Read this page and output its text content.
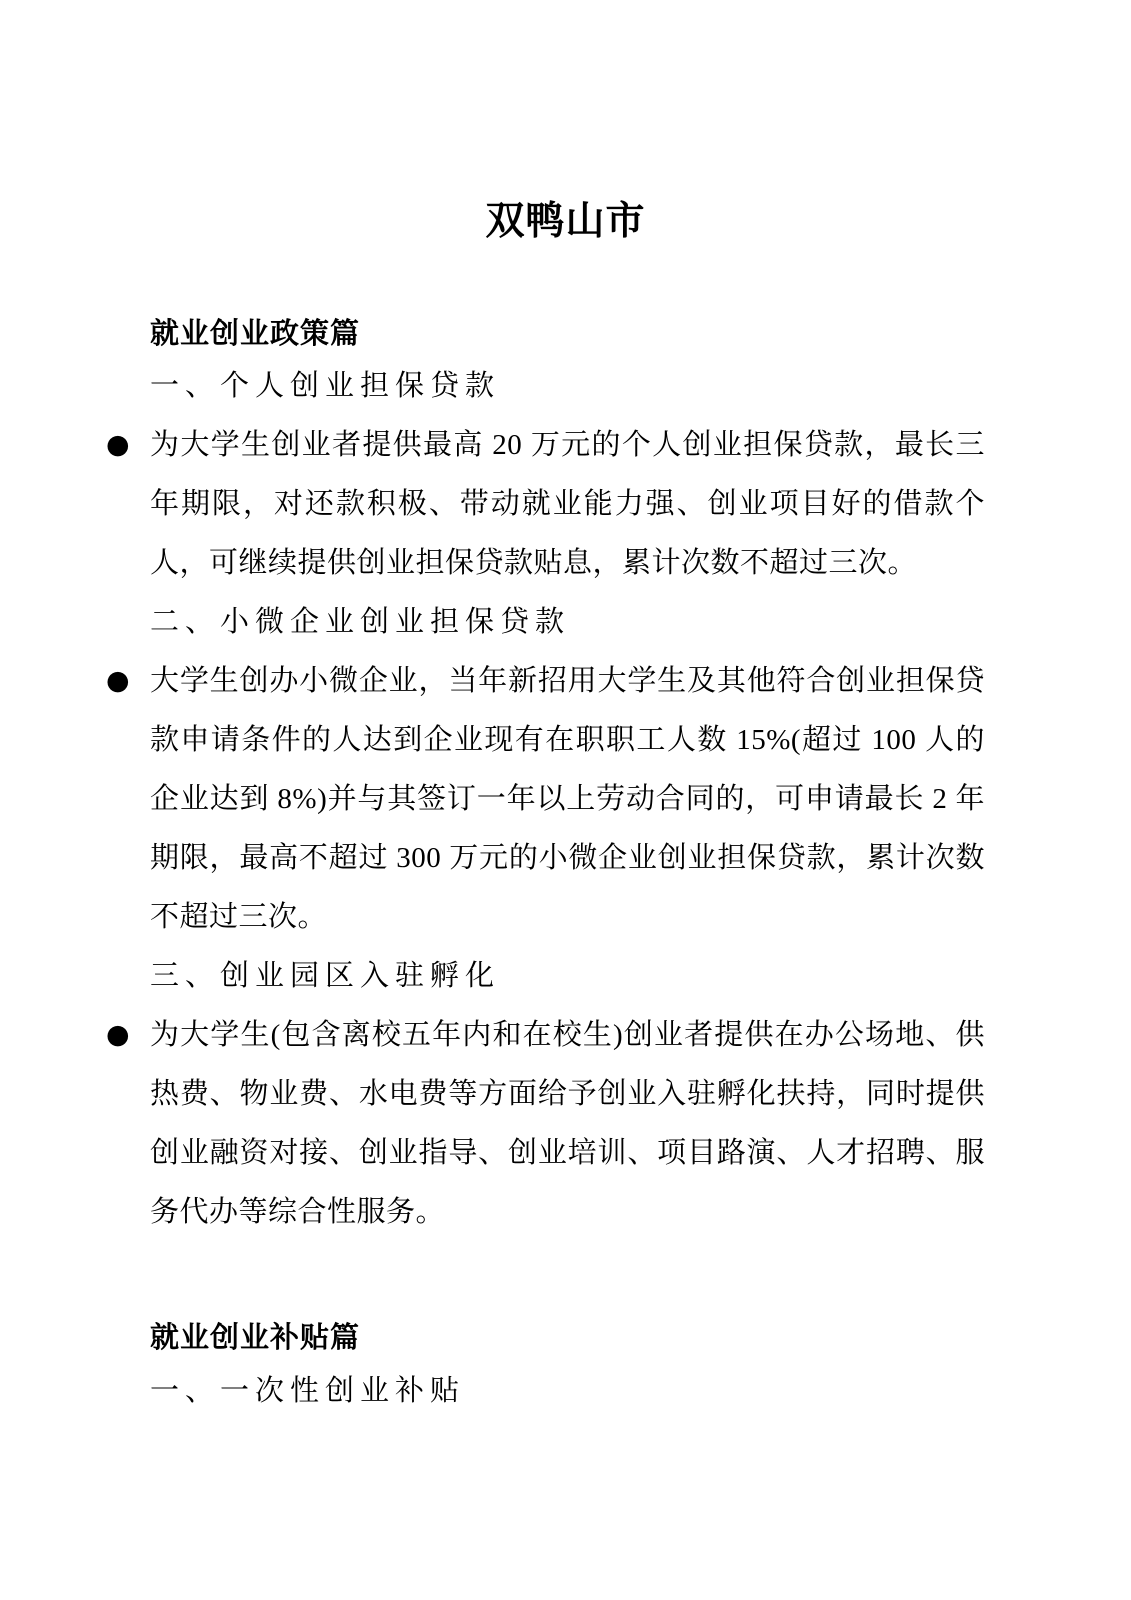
双鸭山市
就业创业政策篇
一、个人创业担保贷款
● 为大学生创业者提供最高 20 万元的个人创业担保贷款，最长三年期限，对还款积极、带动就业能力强、创业项目好的借款个人，可继续提供创业担保贷款贴息，累计次数不超过三次。

二、小微企业创业担保贷款
● 大学生创办小微企业，当年新招用大学生及其他符合创业担保贷款申请条件的人达到企业现有在职职工人数 15%(超过 100 人的企业达到 8%)并与其签订一年以上劳动合同的，可申请最长 2 年期限，最高不超过 300 万元的小微企业创业担保贷款，累计次数不超过三次。

三、创业园区入驻孵化
● 为大学生(包含离校五年内和在校生)创业者提供在办公场地、供热费、物业费、水电费等方面给予创业入驻孵化扶持，同时提供创业融资对接、创业指导、创业培训、项目路演、人才招聘、服务代办等综合性服务。

就业创业补贴篇
一、一次性创业补贴
